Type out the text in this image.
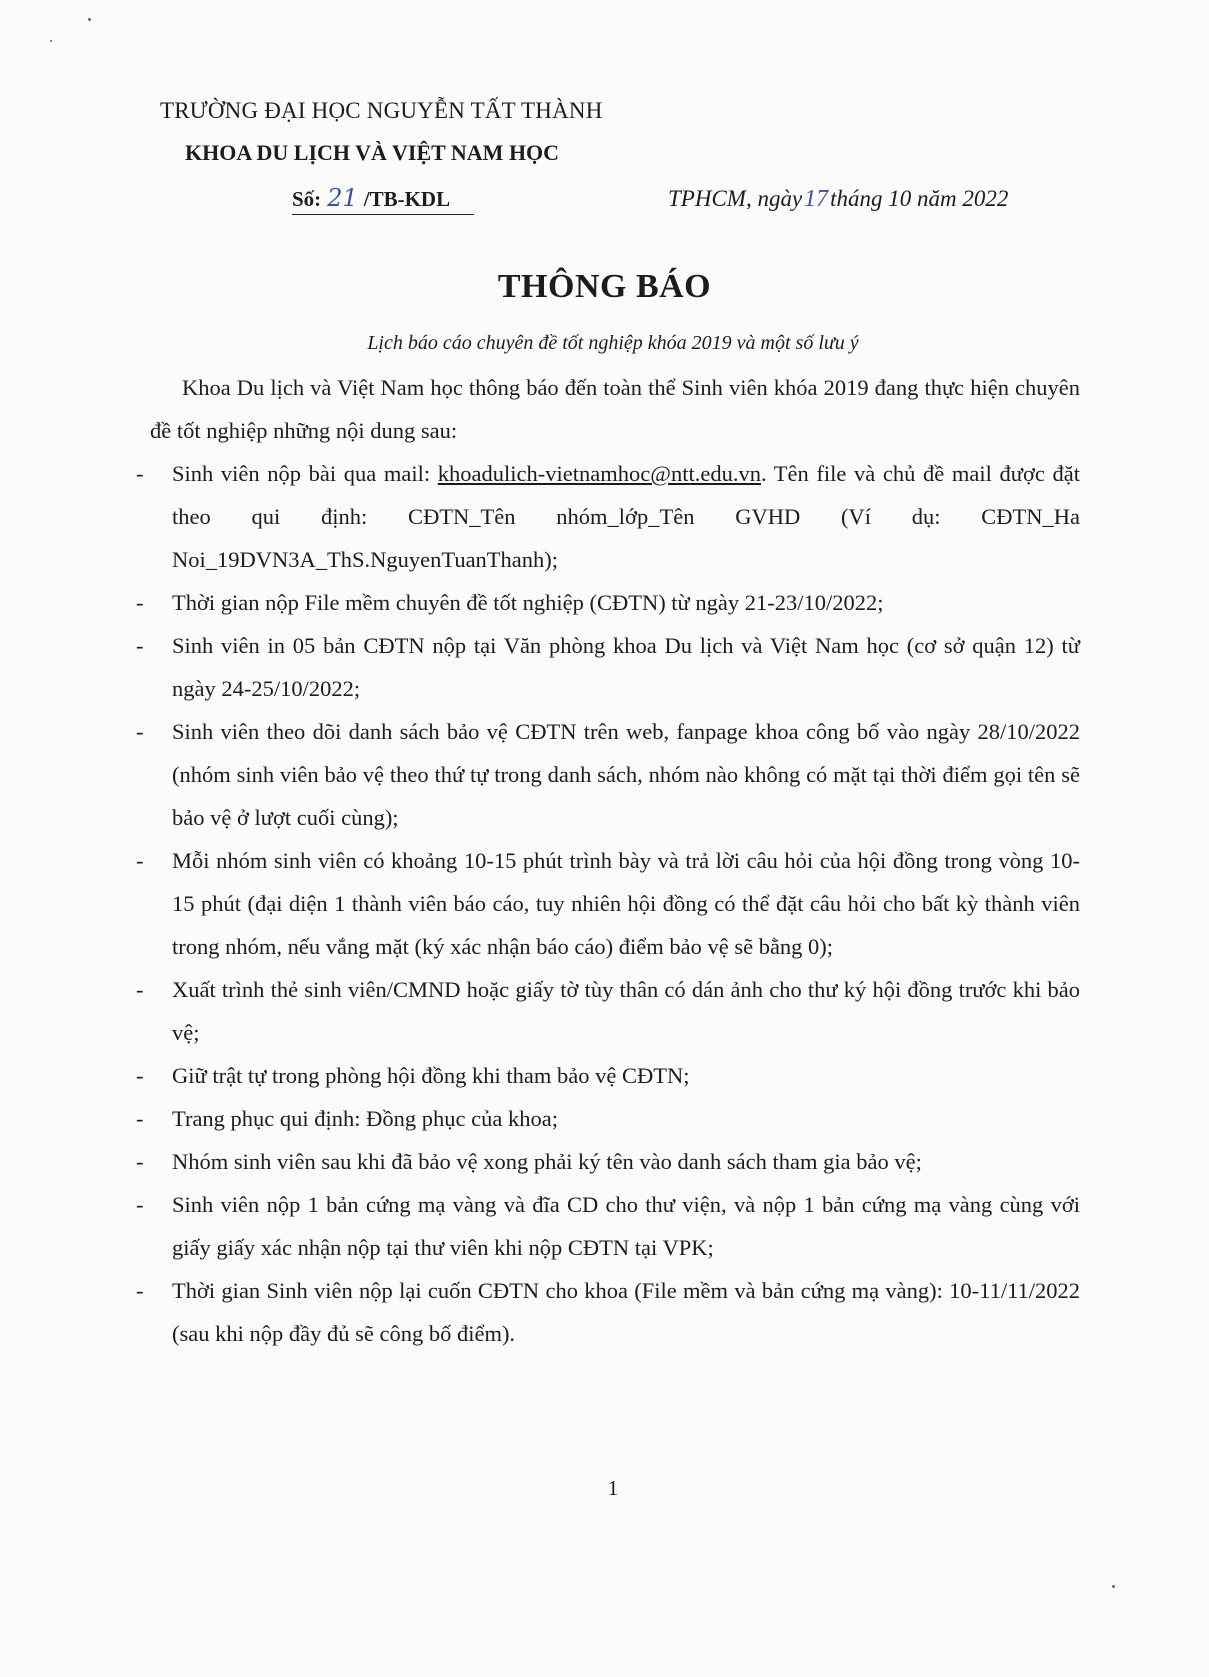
TRƯỜNG ĐẠI HỌC NGUYỄN TẤT THÀNH
KHOA DU LỊCH VÀ VIỆT NAM HỌC
Số: 21 /TB-KDL	TPHCM, ngày17tháng 10 năm 2022
THÔNG BÁO
Lịch báo cáo chuyên đề tốt nghiệp khóa 2019 và một số lưu ý

Khoa Du lịch và Việt Nam học thông báo đến toàn thể Sinh viên khóa 2019 đang thực hiện chuyên đề tốt nghiệp những nội dung sau:

- Sinh viên nộp bài qua mail: khoadulich-vietnamhoc@ntt.edu.vn. Tên file và chủ đề mail được đặt theo qui định: CĐTN_Tên nhóm_lớp_Tên GVHD (Ví dụ: CĐTN_Ha Noi_19DVN3A_ThS.NguyenTuanThanh);

- Thời gian nộp File mềm chuyên đề tốt nghiệp (CĐTN) từ ngày 21-23/10/2022;

- Sinh viên in 05 bản CĐTN nộp tại Văn phòng khoa Du lịch và Việt Nam học (cơ sở quận 12) từ ngày 24-25/10/2022;

- Sinh viên theo dõi danh sách bảo vệ CĐTN trên web, fanpage khoa công bố vào ngày 28/10/2022 (nhóm sinh viên bảo vệ theo thứ tự trong danh sách, nhóm nào không có mặt tại thời điểm gọi tên sẽ bảo vệ ở lượt cuối cùng);

- Mỗi nhóm sinh viên có khoảng 10-15 phút trình bày và trả lời câu hỏi của hội đồng trong vòng 10-15 phút (đại diện 1 thành viên báo cáo, tuy nhiên hội đồng có thể đặt câu hỏi cho bất kỳ thành viên trong nhóm, nếu vắng mặt (ký xác nhận báo cáo) điểm bảo vệ sẽ bằng 0);

- Xuất trình thẻ sinh viên/CMND hoặc giấy tờ tùy thân có dán ảnh cho thư ký hội đồng trước khi bảo vệ;

- Giữ trật tự trong phòng hội đồng khi tham bảo vệ CĐTN;

- Trang phục qui định: Đồng phục của khoa;

- Nhóm sinh viên sau khi đã bảo vệ xong phải ký tên vào danh sách tham gia bảo vệ;

- Sinh viên nộp 1 bản cứng mạ vàng và đĩa CD cho thư viện, và nộp 1 bản cứng mạ vàng cùng với giấy giấy xác nhận nộp tại thư viên khi nộp CĐTN tại VPK;

- Thời gian Sinh viên nộp lại cuốn CĐTN cho khoa (File mềm và bản cứng mạ vàng): 10-11/11/2022 (sau khi nộp đầy đủ sẽ công bố điểm).

1
